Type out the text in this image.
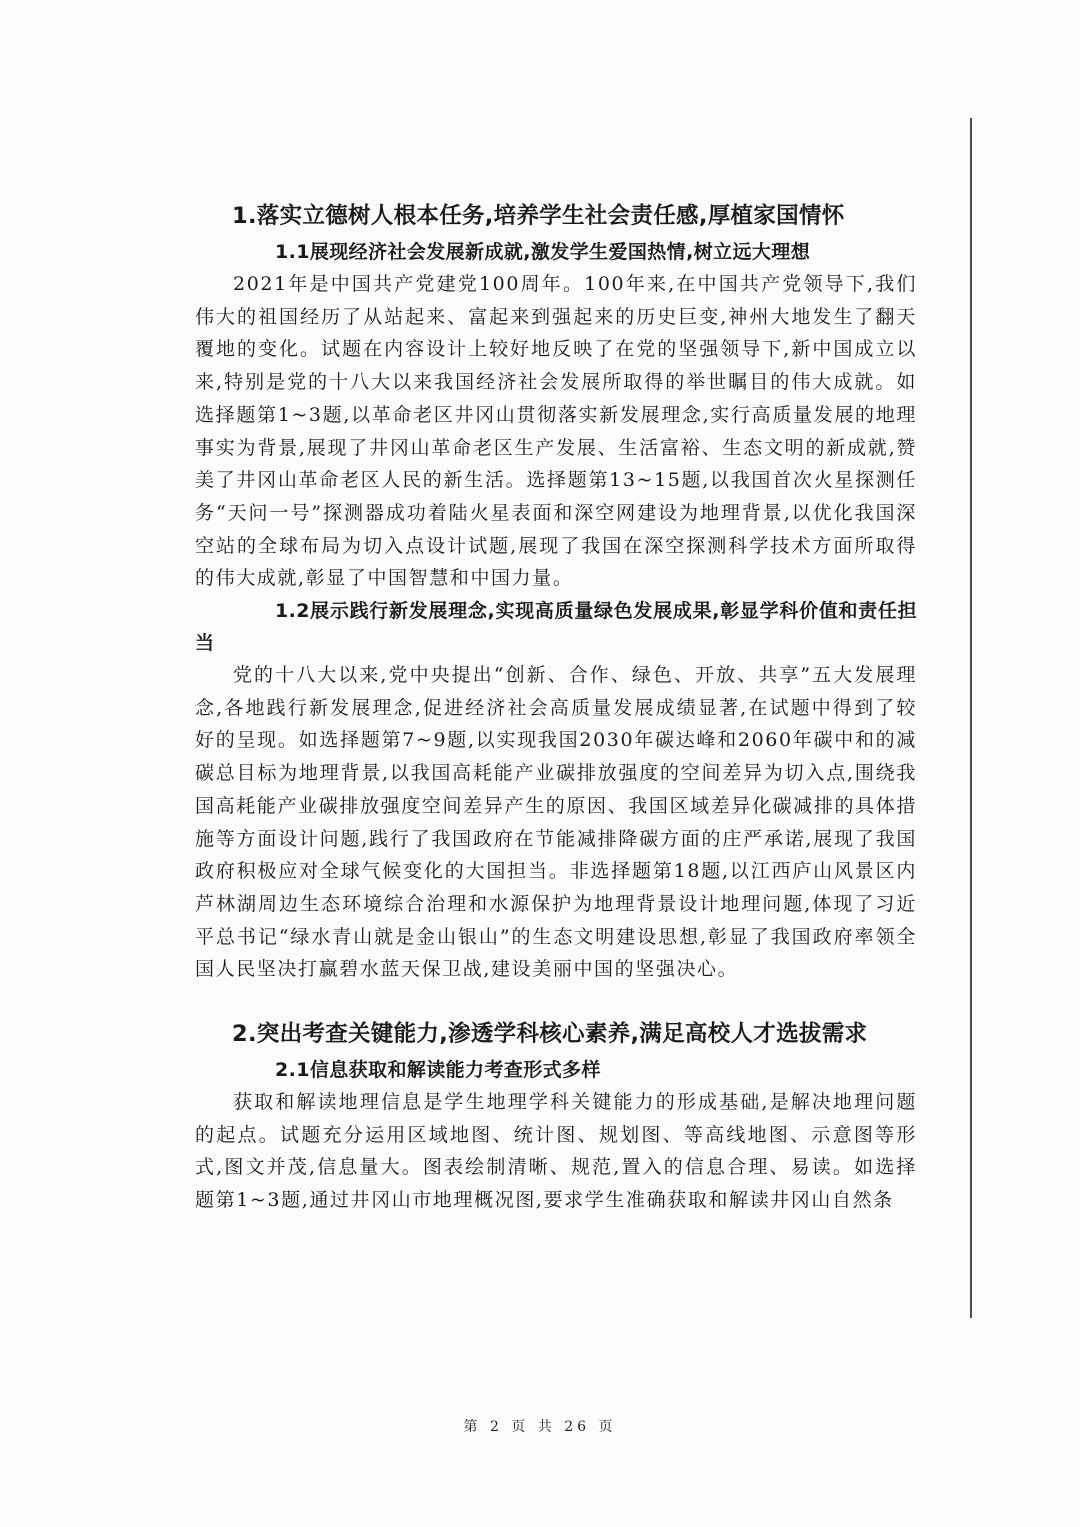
1.落实立德树人根本任务,培养学生社会责任感,厚植家国情怀
1.1展现经济社会发展新成就,激发学生爱国热情,树立远大理想

2021年是中国共产党建党100周年。100年来,在中国共产党领导下,我们伟大的祖国经历了从站起来、富起来到强起来的历史巨变,神州大地发生了翻天覆地的变化。试题在内容设计上较好地反映了在党的坚强领导下,新中国成立以来,特别是党的十八大以来我国经济社会发展所取得的举世瞩目的伟大成就。如选择题第1~3题,以革命老区井冈山贯彻落实新发展理念,实行高质量发展的地理事实为背景,展现了井冈山革命老区生产发展、生活富裕、生态文明的新成就,赞美了井冈山革命老区人民的新生活。选择题第13~15题,以我国首次火星探测任务“天问一号”探测器成功着陆火星表面和深空网建设为地理背景,以优化我国深空站的全球布局为切入点设计试题,展现了我国在深空探测科学技术方面所取得的伟大成就,彰显了中国智慧和中国力量。

1.2展示践行新发展理念,实现高质量绿色发展成果,彰显学科价值和责任担当

党的十八大以来,党中央提出“创新、合作、绿色、开放、共享”五大发展理念,各地践行新发展理念,促进经济社会高质量发展成绩显著,在试题中得到了较好的呈现。如选择题第7~9题,以实现我国2030年碳达峰和2060年碳中和的减碳总目标为地理背景,以我国高耗能产业碳排放强度的空间差异为切入点,围绕我国高耗能产业碳排放强度空间差异产生的原因、我国区域差异化碳减排的具体措施等方面设计问题,践行了我国政府在节能减排降碳方面的庄严承诺,展现了我国政府积极应对全球气候变化的大国担当。非选择题第18题,以江西庐山风景区内芦林湖周边生态环境综合治理和水源保护为地理背景设计地理问题,体现了习近平总书记“绿水青山就是金山银山”的生态文明建设思想,彰显了我国政府率领全国人民坚决打赢碧水蓝天保卫战,建设美丽中国的坚强决心。

2.突出考查关键能力,渗透学科核心素养,满足高校人才选拔需求
2.1信息获取和解读能力考查形式多样

获取和解读地理信息是学生地理学科关键能力的形成基础,是解决地理问题的起点。试题充分运用区域地图、统计图、规划图、等高线地图、示意图等形式,图文并茂,信息量大。图表绘制清晰、规范,置入的信息合理、易读。如选择题第1~3题,通过井冈山市地理概况图,要求学生准确获取和解读井冈山自然条

第 2 页 共 26 页
